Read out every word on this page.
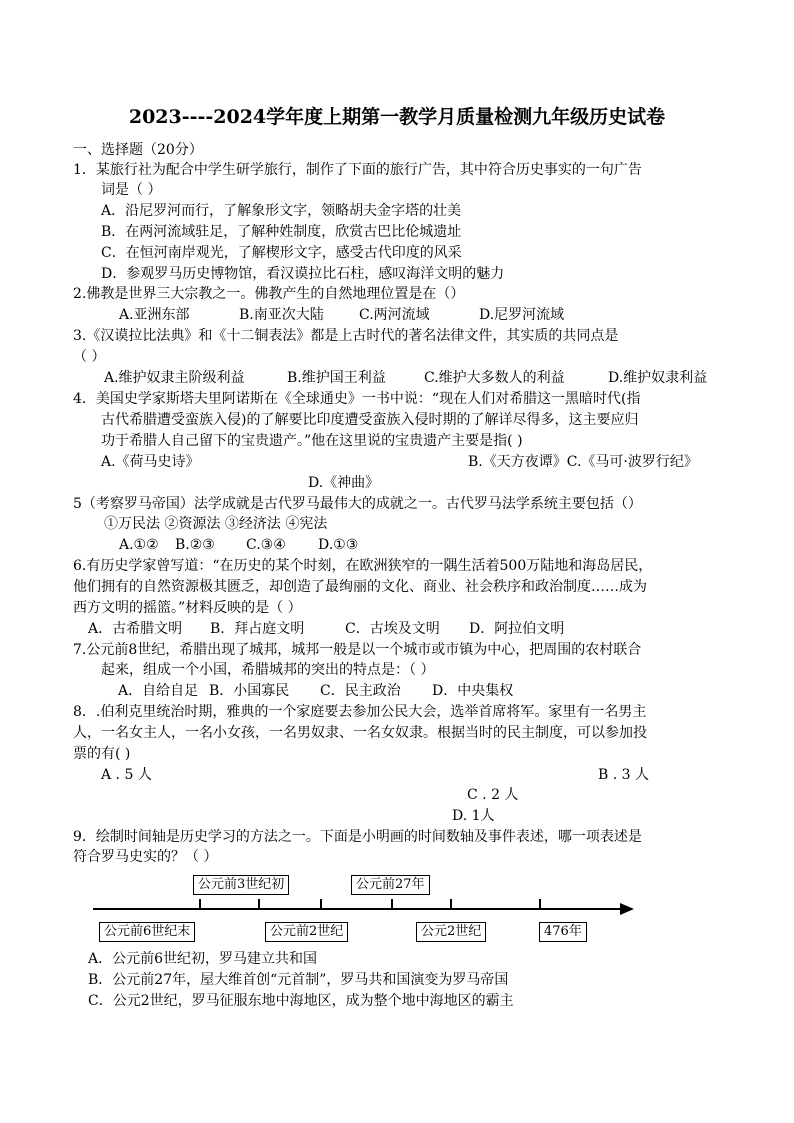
2023----2024学年度上期第一教学月质量检测九年级历史试卷
一、选择题（20分）
1．某旅行社为配合中学生研学旅行，制作了下面的旅行广告，其中符合历史事实的一句广告
词是（ ）
A．沿尼罗河而行，了解象形文字，领略胡夫金字塔的壮美
B．在两河流域驻足，了解种姓制度，欣赏古巴比伦城遗址
C．在恒河南岸观光，了解楔形文字，感受古代印度的风采
D．参观罗马历史博物馆，看汉谟拉比石柱，感叹海洋文明的魅力
2.佛教是世界三大宗教之一。佛教产生的自然地理位置是在（）
A.亚洲东部	B.南亚次大陆	C.两河流域	D.尼罗河流域
3.《汉谟拉比法典》和《十二铜表法》都是上古时代的著名法律文件，其实质的共同点是
（ ）
A.维护奴隶主阶级利益	B.维护国王利益	C.维护大多数人的利益	D.维护奴隶利益
4．美国史学家斯塔夫里阿诺斯在《全球通史》一书中说：“现在人们对希腊这一黑暗时代(指
古代希腊遭受蛮族入侵)的了解要比印度遭受蛮族入侵时期的了解详尽得多，这主要应归
功于希腊人自己留下的宝贵遗产。”他在这里说的宝贵遗产主要是指( )
A.《荷马史诗》	B.《天方夜谭》C.《马可·波罗行纪》
D.《神曲》
5（考察罗马帝国）法学成就是古代罗马最伟大的成就之一。古代罗马法学系统主要包括（）
①万民法 ②资源法 ③经济法 ④宪法
A.①② B.②③ C.③④ D.①③
6.有历史学家曾写道：“在历史的某个时刻，在欧洲狭窄的一隅生活着500万陆地和海岛居民，
他们拥有的自然资源极其匮乏，却创造了最绚丽的文化、商业、社会秩序和政治制度……成为
西方文明的摇篮。”材料反映的是（ ）
A．古希腊文明 B．拜占庭文明	C．古埃及文明 D．阿拉伯文明
7.公元前8世纪，希腊出现了城邦，城邦一般是以一个城市或市镇为中心，把周围的农村联合
起来，组成一个小国，希腊城邦的突出的特点是：（ ）
A．自给自足 B．小国寡民 C．民主政治 D．中央集权
8．.伯利克里统治时期，雅典的一个家庭要去参加公民大会，选举首席将军。家里有一名男主
人，一名女主人，一名小女孩，一名男奴隶、一名女奴隶。根据当时的民主制度，可以参加投
票的有( )
A . 5 人	B . 3 人
C . 2 人
D. 1人
9．绘制时间轴是历史学习的方法之一。下面是小明画的时间数轴及事件表述，哪一项表述是
符合罗马史实的？（ ）
公元前3世纪初	公元前27年
公元前6世纪末	公元前2世纪	公元2世纪	476年
A．公元前6世纪初，罗马建立共和国
B．公元前27年，屋大维首创“元首制”，罗马共和国演变为罗马帝国
C．公元2世纪，罗马征服东地中海地区，成为整个地中海地区的霸主
